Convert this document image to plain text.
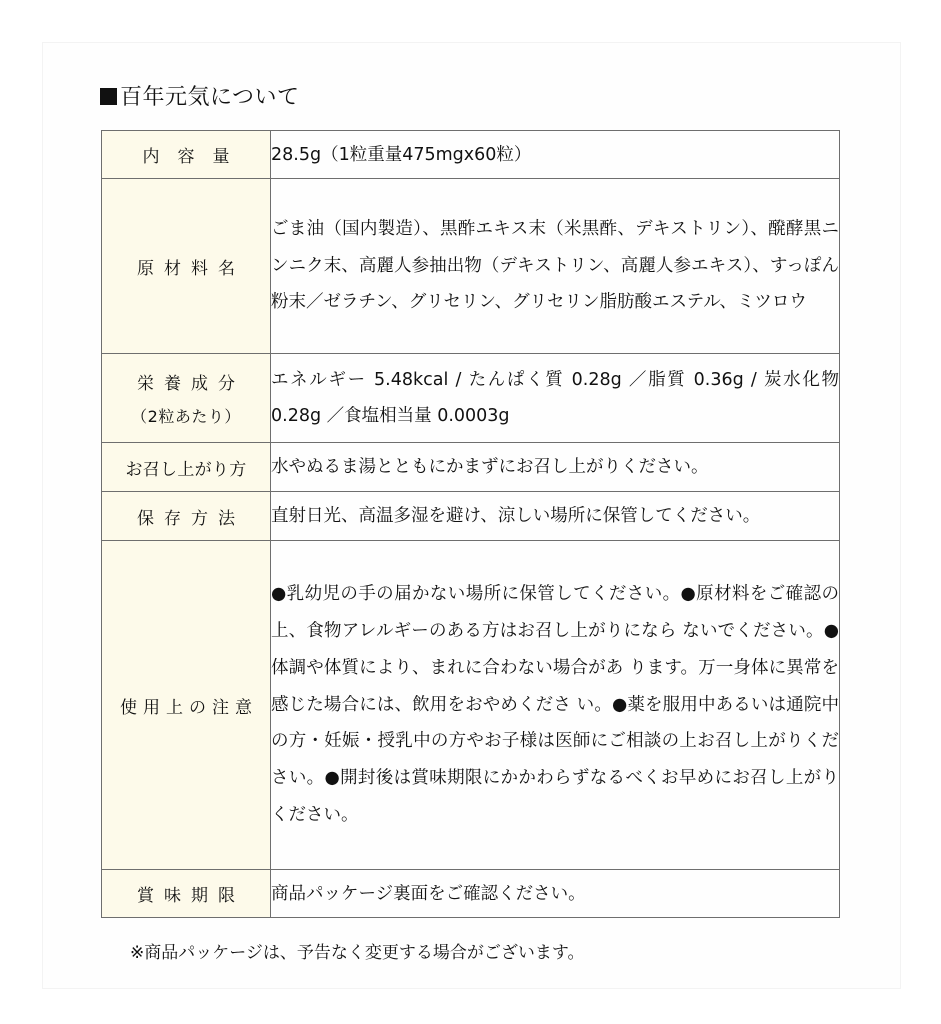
百年元気について
内容量	28.5g（1粒重量475mgx60粒）
原材料名	ごま油（国内製造）、黒酢エキス末（米黒酢、デキストリン）、醗酵黒ニンニク末、高麗人参抽出物（デキストリン、高麗人参エキス）、すっぽん粉末／ゼラチン、グリセリン、グリセリン脂肪酸エステル、ミツロウ
栄養成分
（2粒あたり）	エネルギー 5.48kcal / たんぱく質 0.28g ／脂質 0.36g / 炭水化物 0.28g ／食塩相当量 0.0003g
お召し上がり方	水やぬるま湯とともにかまずにお召し上がりください。
保存方法	直射日光、高温多湿を避け、涼しい場所に保管してください。
使用上の注意	●乳幼児の手の届かない場所に保管してください。●原材料をご確認の上、食物アレルギーのある方はお召し上がりになら ないでください。●体調や体質により、まれに合わない場合があ ります。万一身体に異常を感じた場合には、飲用をおやめくださ い。●薬を服用中あるいは通院中の方・妊娠・授乳中の方やお子様は医師にご相談の上お召し上がりください。●開封後は賞味期限にかかわらずなるべくお早めにお召し上がりください。
賞味期限	商品パッケージ裏面をご確認ください。
※商品パッケージは、予告なく変更する場合がございます。
